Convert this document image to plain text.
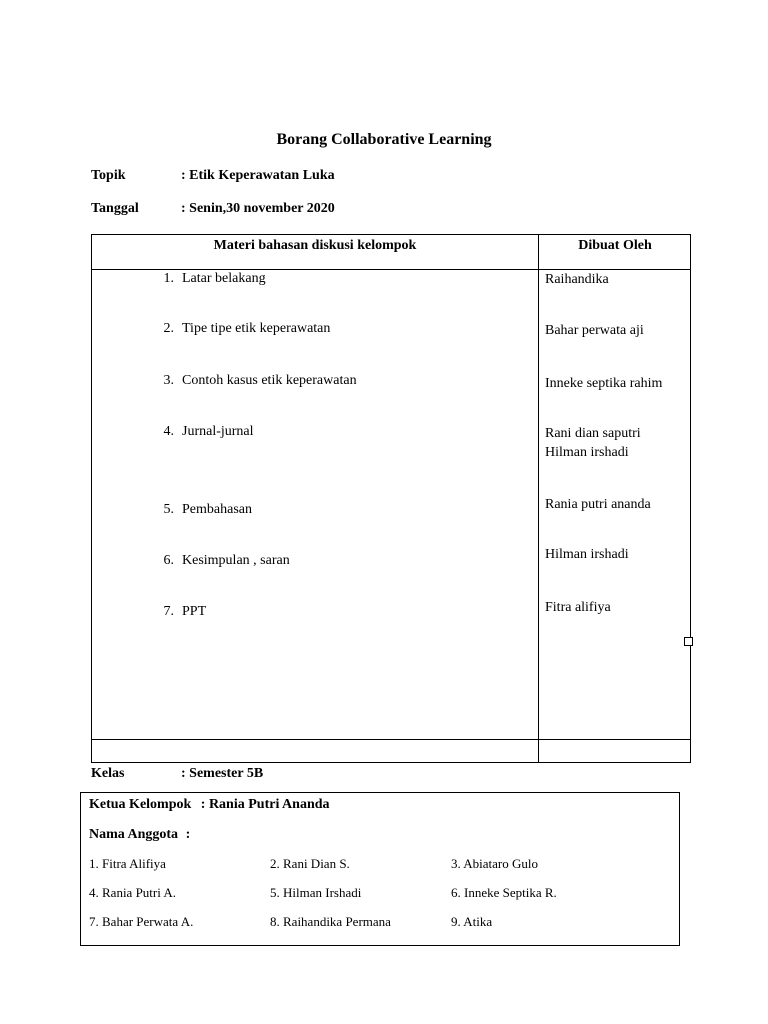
Borang Collaborative Learning
Topik	: Etik Keperawatan Luka
Tanggal	: Senin,30 november 2020
Materi bahasan diskusi kelompok	Dibuat Oleh
1. Latar belakang	Raihandika
2. Tipe tipe etik keperawatan	Bahar perwata aji
3. Contoh kasus etik keperawatan	Inneke septika rahim
4. Jurnal-jurnal	Rani dian saputri
Hilman irshadi
5. Pembahasan	Rania putri ananda
6. Kesimpulan , saran	Hilman irshadi
7. PPT	Fitra alifiya
Kelas	: Semester 5B
Ketua Kelompok : Rania Putri Ananda
Nama Anggota :
1. Fitra Alifiya	2. Rani Dian S.	3. Abiataro Gulo
4. Rania Putri A.	5. Hilman Irshadi	6. Inneke Septika R.
7. Bahar Perwata A.	8. Raihandika Permana	9. Atika
